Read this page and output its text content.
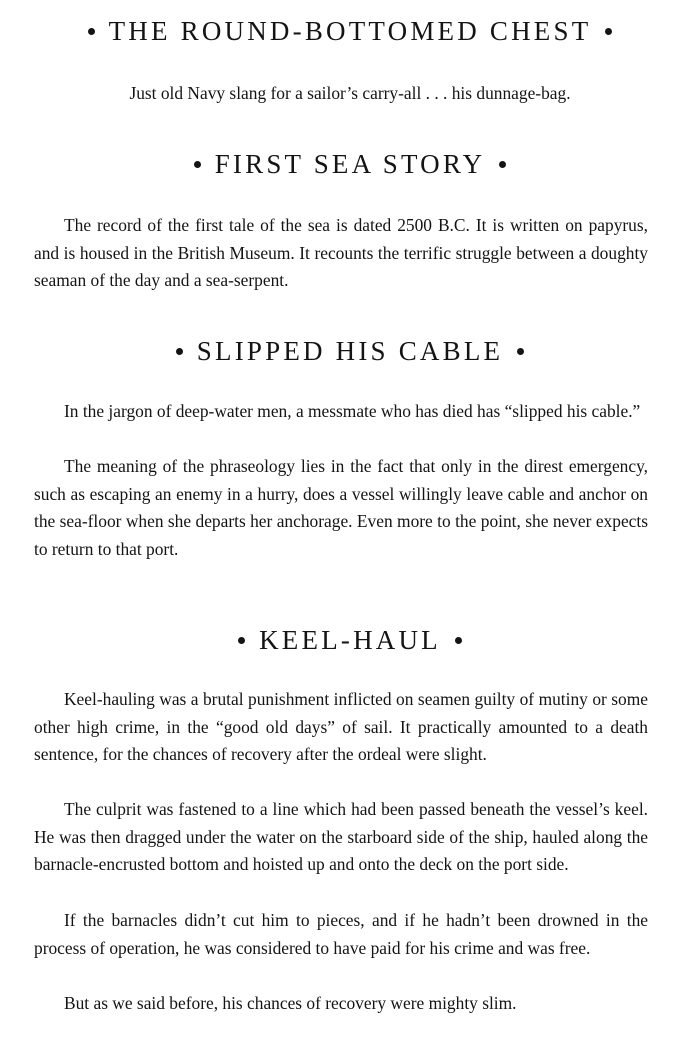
THE ROUND-BOTTOMED CHEST

Just old Navy slang for a sailor’s carry-all . . . his dunnage-bag.

FIRST SEA STORY

The record of the first tale of the sea is dated 2500 B.C. It is written on papyrus, and is housed in the British Museum. It recounts the terrific struggle between a doughty seaman of the day and a sea-serpent.

SLIPPED HIS CABLE

In the jargon of deep-water men, a messmate who has died has “slipped his cable.”

The meaning of the phraseology lies in the fact that only in the direst emergency, such as escaping an enemy in a hurry, does a vessel willingly leave cable and anchor on the sea-floor when she departs her anchorage. Even more to the point, she never expects to return to that port.

KEEL-HAUL

Keel-hauling was a brutal punishment inflicted on seamen guilty of mutiny or some other high crime, in the “good old days” of sail. It practically amounted to a death sentence, for the chances of recovery after the ordeal were slight.

The culprit was fastened to a line which had been passed beneath the vessel’s keel. He was then dragged under the water on the starboard side of the ship, hauled along the barnacle-encrusted bottom and hoisted up and onto the deck on the port side.

If the barnacles didn’t cut him to pieces, and if he hadn’t been drowned in the process of operation, he was considered to have paid for his crime and was free.

But as we said before, his chances of recovery were mighty slim.
